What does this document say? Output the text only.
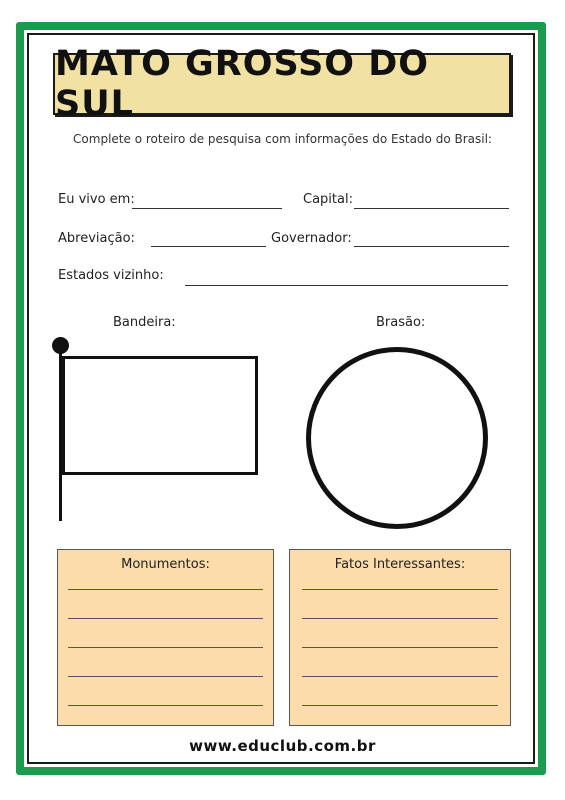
MATO GROSSO DO SUL
Complete o roteiro de pesquisa com informações do Estado do Brasil:
Eu vivo em:	Capital:
Abreviação:	Governador:
Estados vizinho:
Bandeira:	Brasão:
Monumentos:	Fatos Interessantes:
www.educlub.com.br
